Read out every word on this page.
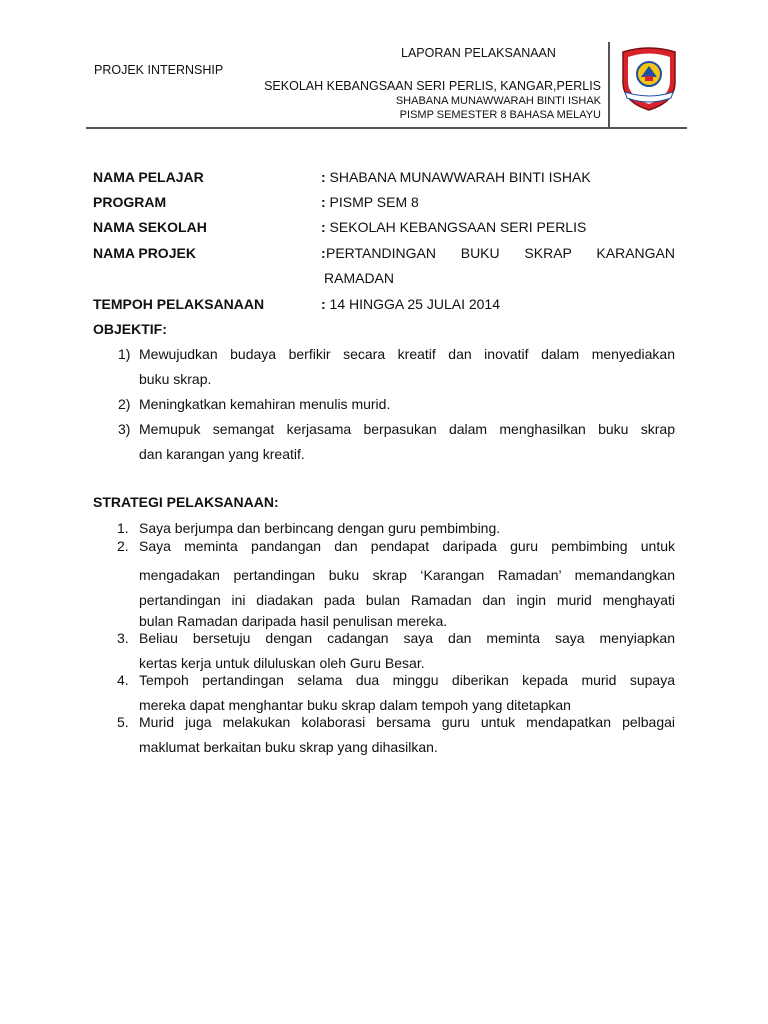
LAPORAN PELAKSANAAN
PROJEK INTERNSHIP
SEKOLAH KEBANGSAAN SERI PERLIS, KANGAR,PERLIS
SHABANA MUNAWWARAH BINTI ISHAK
PISMP SEMESTER 8 BAHASA MELAYU
NAMA PELAJAR	: SHABANA MUNAWWARAH BINTI ISHAK
PROGRAM	: PISMP SEM 8
NAMA SEKOLAH	: SEKOLAH KEBANGSAAN SERI PERLIS
NAMA PROJEK	: PERTANDINGAN BUKU SKRAP KARANGAN
RAMADAN
TEMPOH PELAKSANAAN	: 14 HINGGA 25 JULAI 2014
OBJEKTIF:
1) Mewujudkan budaya berfikir secara kreatif dan inovatif dalam menyediakan
buku skrap.
2) Meningkatkan kemahiran menulis murid.
3) Memupuk semangat kerjasama berpasukan dalam menghasilkan buku skrap
dan karangan yang kreatif.
STRATEGI PELAKSANAAN:
1. Saya berjumpa dan berbincang dengan guru pembimbing.
2. Saya meminta pandangan dan pendapat daripada guru pembimbing untuk
mengadakan pertandingan buku skrap ‘Karangan Ramadan’ memandangkan
pertandingan ini diadakan pada bulan Ramadan dan ingin murid menghayati
bulan Ramadan daripada hasil penulisan mereka.
3. Beliau bersetuju dengan cadangan saya dan meminta saya menyiapkan
kertas kerja untuk diluluskan oleh Guru Besar.
4. Tempoh pertandingan selama dua minggu diberikan kepada murid supaya
mereka dapat menghantar buku skrap dalam tempoh yang ditetapkan
5. Murid juga melakukan kolaborasi bersama guru untuk mendapatkan pelbagai
maklumat berkaitan buku skrap yang dihasilkan.
